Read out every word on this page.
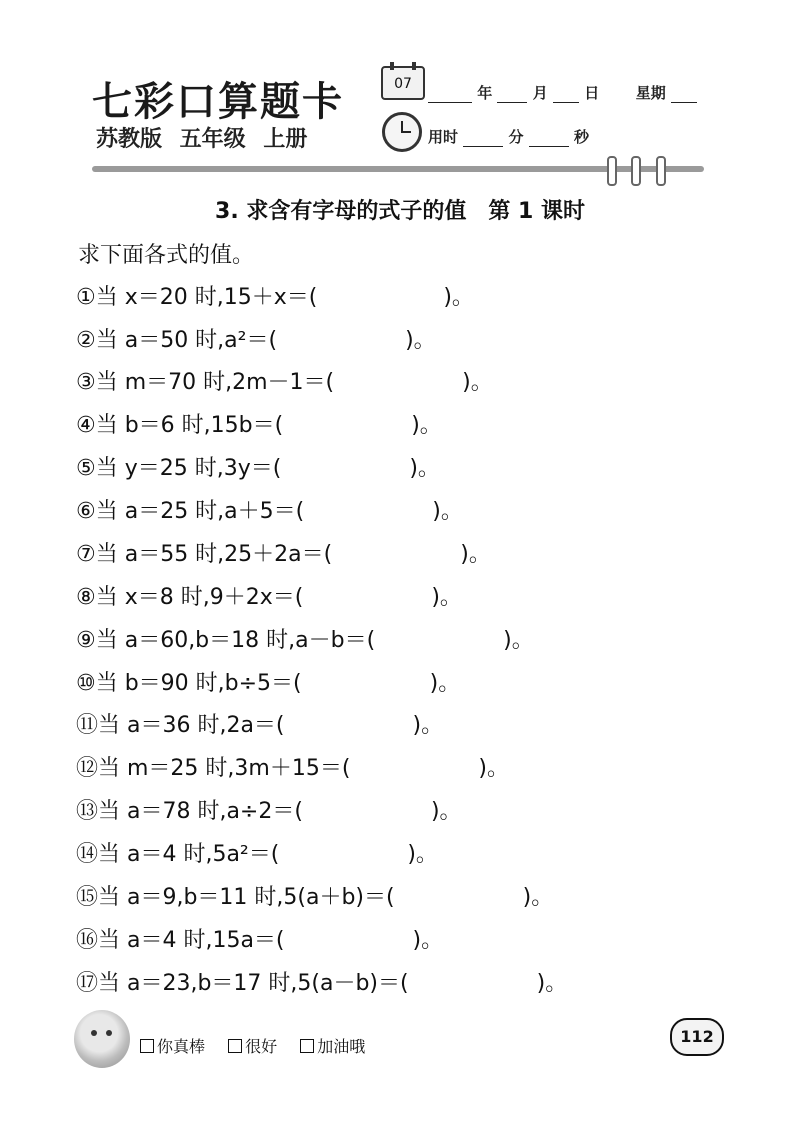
七彩口算题卡
苏教版 五年级 上册
07	年	月 日 星期
用时	分	秒
3. 求含有字母的式子的值　第 1 课时
求下面各式的值。
①当 x＝20 时,15＋x＝(	)。
②当 a＝50 时,a²＝(	)。
③当 m＝70 时,2m－1＝(	)。
④当 b＝6 时,15b＝(	)。
⑤当 y＝25 时,3y＝(	)。
⑥当 a＝25 时,a＋5＝(	)。
⑦当 a＝55 时,25＋2a＝(	)。
⑧当 x＝8 时,9＋2x＝(	)。
⑨当 a＝60,b＝18 时,a－b＝(	)。
⑩当 b＝90 时,b÷5＝(	)。
⑪当 a＝36 时,2a＝(	)。
⑫当 m＝25 时,3m＋15＝(	)。
⑬当 a＝78 时,a÷2＝(	)。
⑭当 a＝4 时,5a²＝(	)。
⑮当 a＝9,b＝11 时,5(a＋b)＝(	)。
⑯当 a＝4 时,15a＝(	)。
⑰当 a＝23,b＝17 时,5(a－b)＝(	)。
你真棒	很好	加油哦
112
